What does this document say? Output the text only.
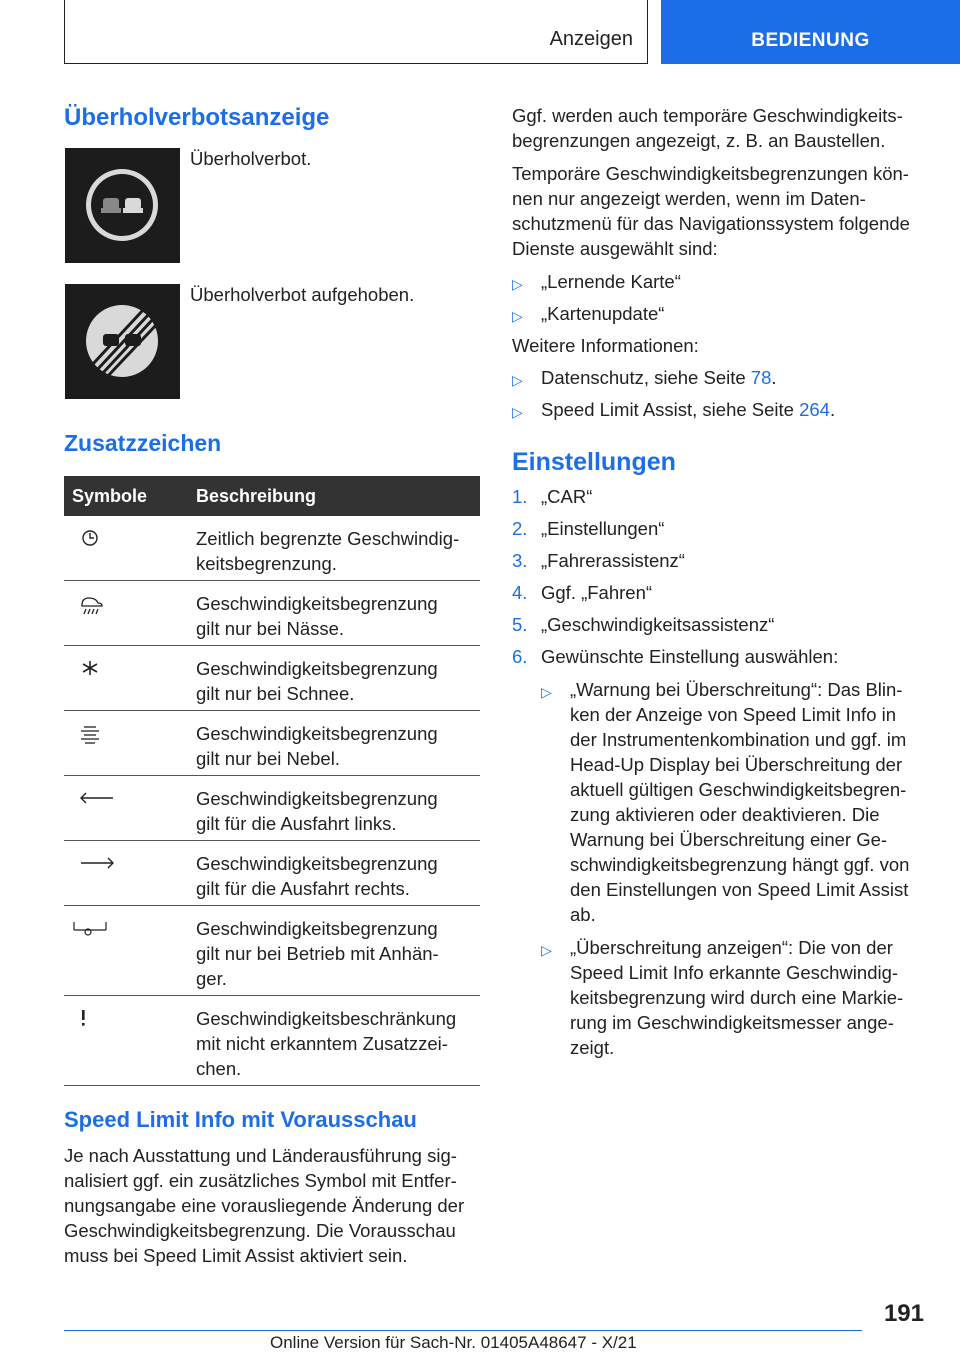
Anzeigen	BEDIENUNG
Überholverbotsanzeige
Überholverbot.
Überholverbot aufgehoben.
Zusatzzeichen
Symbole	Beschreibung
Zeitlich begrenzte Geschwindig-
keitsbegrenzung.
Geschwindigkeitsbegrenzung
gilt nur bei Nässe.
Geschwindigkeitsbegrenzung
gilt nur bei Schnee.
Geschwindigkeitsbegrenzung
gilt nur bei Nebel.
Geschwindigkeitsbegrenzung
gilt für die Ausfahrt links.
Geschwindigkeitsbegrenzung
gilt für die Ausfahrt rechts.
Geschwindigkeitsbegrenzung
gilt nur bei Betrieb mit Anhän-
ger.
Geschwindigkeitsbeschränkung
mit nicht erkanntem Zusatzzei-
chen.
Speed Limit Info mit Vorausschau
Je nach Ausstattung und Länderausführung sig-
nalisiert ggf. ein zusätzliches Symbol mit Entfer-
nungsangabe eine vorausliegende Änderung der
Geschwindigkeitsbegrenzung. Die Vorausschau
muss bei Speed Limit Assist aktiviert sein.
Ggf. werden auch temporäre Geschwindigkeits-
begrenzungen angezeigt, z. B. an Baustellen.
Temporäre Geschwindigkeitsbegrenzungen kön-
nen nur angezeigt werden, wenn im Daten-
schutzmenü für das Navigationssystem folgende
Dienste ausgewählt sind:
▷ „Lernende Karte“
▷ „Kartenupdate“
Weitere Informationen:
▷ Datenschutz, siehe Seite 78.
▷ Speed Limit Assist, siehe Seite 264.
Einstellungen
1. „CAR“
2. „Einstellungen“
3. „Fahrerassistenz“
4. Ggf. „Fahren“
5. „Geschwindigkeitsassistenz“
6. Gewünschte Einstellung auswählen:
▷ „Warnung bei Überschreitung“: Das Blin-
ken der Anzeige von Speed Limit Info in
der Instrumentenkombination und ggf. im
Head-Up Display bei Überschreitung der
aktuell gültigen Geschwindigkeitsbegren-
zung aktivieren oder deaktivieren. Die
Warnung bei Überschreitung einer Ge-
schwindigkeitsbegrenzung hängt ggf. von
den Einstellungen von Speed Limit Assist
ab.
▷ „Überschreitung anzeigen“: Die von der
Speed Limit Info erkannte Geschwindig-
keitsbegrenzung wird durch eine Markie-
rung im Geschwindigkeitsmesser ange-
zeigt.
191
Online Version für Sach-Nr. 01405A48647 - X/21
